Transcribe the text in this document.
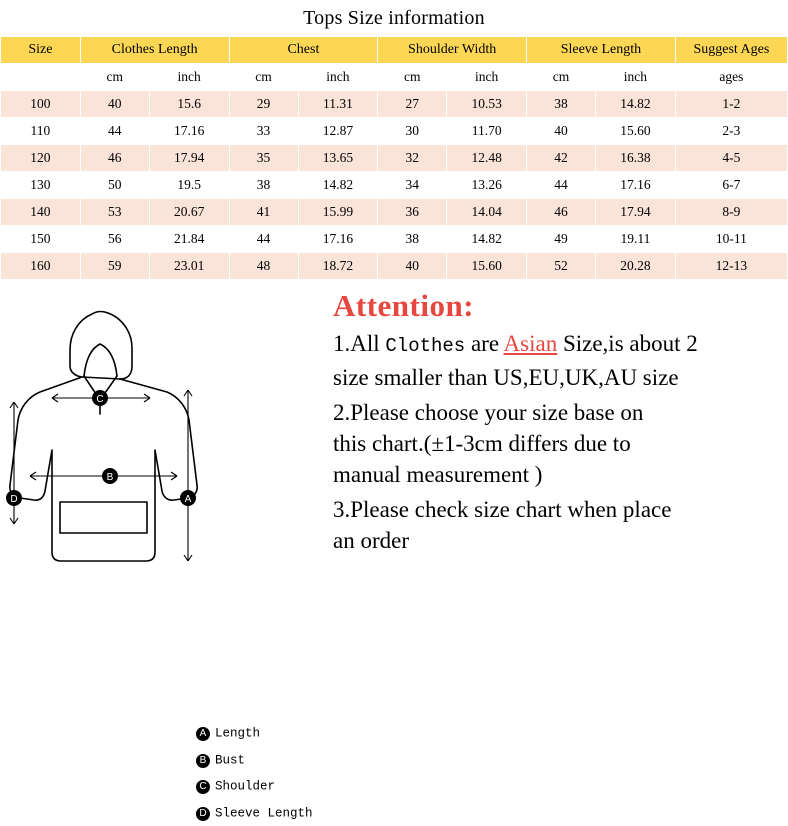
Tops Size information
Size	Clothes Length		Chest		Shoulder Width		Sleeve Length		Suggest Ages
	cm	inch	cm	inch	cm	inch	cm	inch	ages
100	40	15.6	29	11.31	27	10.53	38	14.82	1-2
110	44	17.16	33	12.87	30	11.70	40	15.60	2-3
120	46	17.94	35	13.65	32	12.48	42	16.38	4-5
130	50	19.5	38	14.82	34	13.26	44	17.16	6-7
140	53	20.67	41	15.99	36	14.04	46	17.94	8-9
150	56	21.84	44	17.16	38	14.82	49	19.11	10-11
160	59	23.01	48	18.72	40	15.60	52	20.28	12-13
C
B
A
D
A Length
B Bust
C Shoulder
D Sleeve Length
Attention:
1.All Clothes are Asian Size,is about 2
size smaller than US,EU,UK,AU size
2.Please choose your size base on
this chart.(±1-3cm differs due to
manual measurement )
3.Please check size chart when place
an order
